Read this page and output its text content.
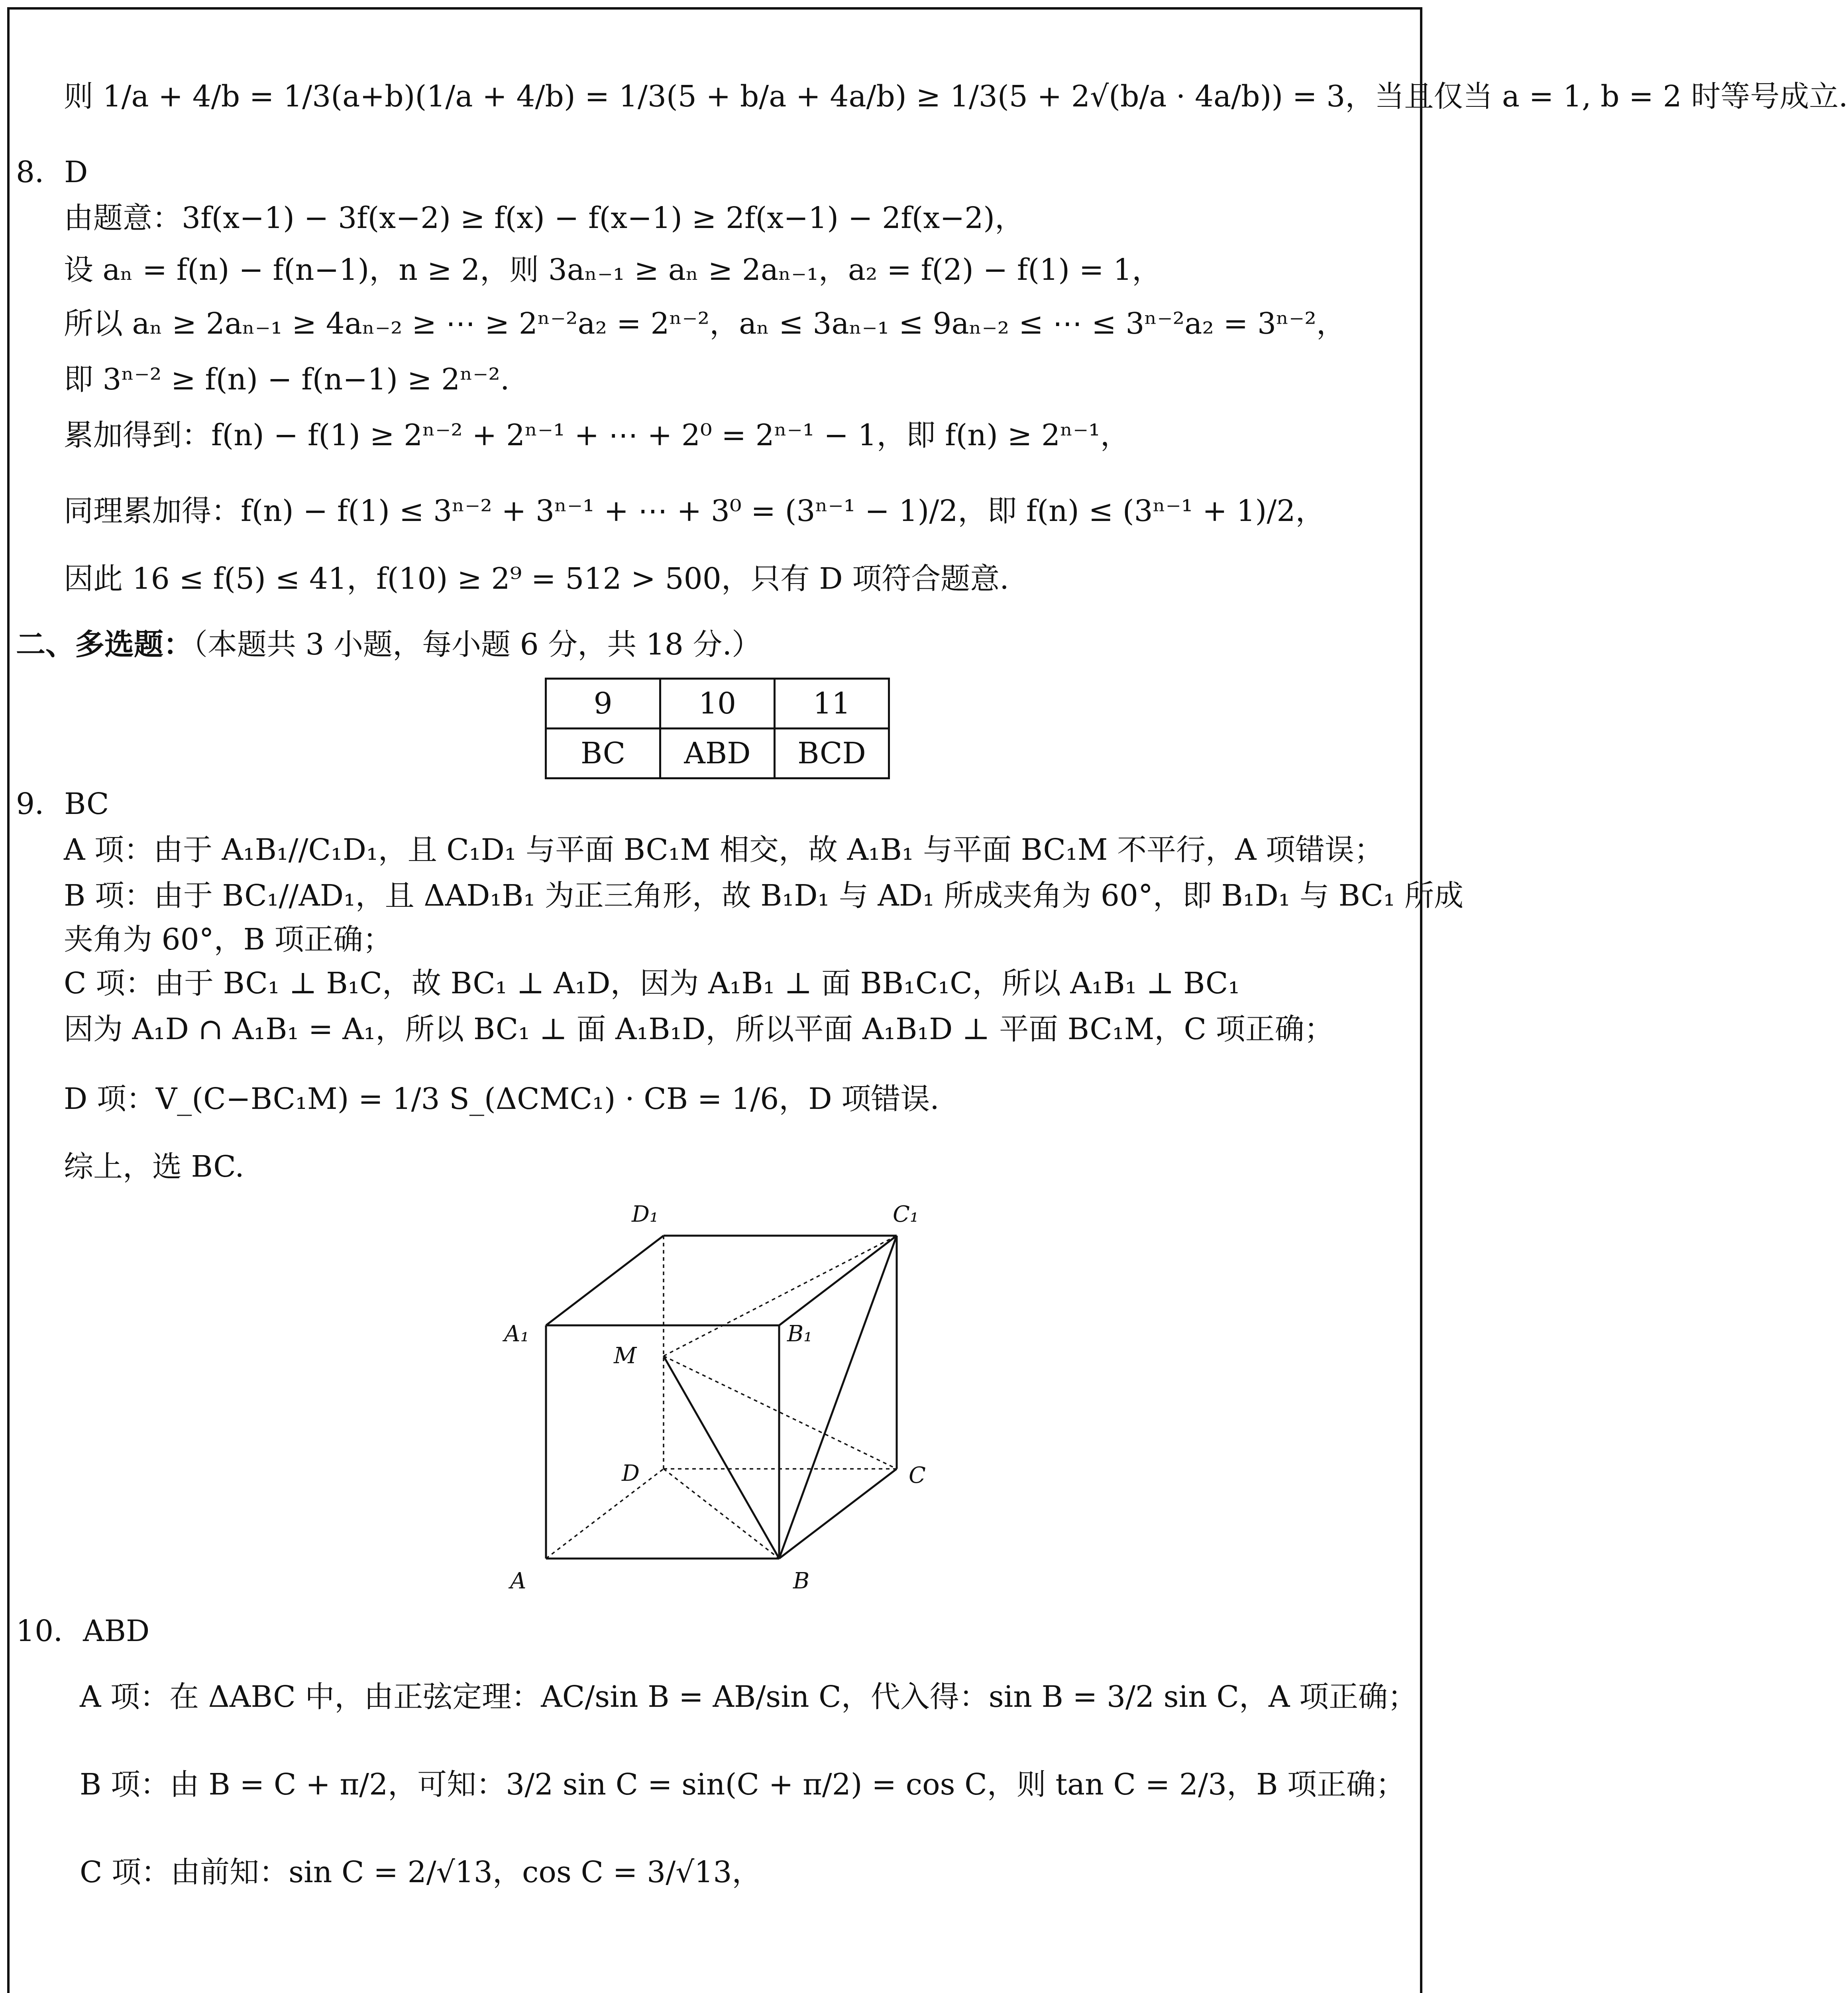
则 1/a + 4/b = 1/3(a+b)(1/a + 4/b) = 1/3(5 + b/a + 4a/b) ≥ 1/3(5 + 2√(b/a · 4a/b)) = 3，当且仅当 a = 1, b = 2 时等号成立.
8．D
由题意：3f(x−1) − 3f(x−2) ≥ f(x) − f(x−1) ≥ 2f(x−1) − 2f(x−2)，
设 aₙ = f(n) − f(n−1)，n ≥ 2，则 3aₙ₋₁ ≥ aₙ ≥ 2aₙ₋₁，a₂ = f(2) − f(1) = 1，
所以 aₙ ≥ 2aₙ₋₁ ≥ 4aₙ₋₂ ≥ ⋯ ≥ 2ⁿ⁻²a₂ = 2ⁿ⁻²，aₙ ≤ 3aₙ₋₁ ≤ 9aₙ₋₂ ≤ ⋯ ≤ 3ⁿ⁻²a₂ = 3ⁿ⁻²，
即 3ⁿ⁻² ≥ f(n) − f(n−1) ≥ 2ⁿ⁻².
累加得到：f(n) − f(1) ≥ 2ⁿ⁻² + 2ⁿ⁻¹ + ⋯ + 2⁰ = 2ⁿ⁻¹ − 1，即 f(n) ≥ 2ⁿ⁻¹，
同理累加得：f(n) − f(1) ≤ 3ⁿ⁻² + 3ⁿ⁻¹ + ⋯ + 3⁰ = (3ⁿ⁻¹ − 1)/2，即 f(n) ≤ (3ⁿ⁻¹ + 1)/2，
因此 16 ≤ f(5) ≤ 41，f(10) ≥ 2⁹ = 512 > 500，只有 D 项符合题意.
二、多选题：（本题共 3 小题，每小题 6 分，共 18 分.）
9	10	11
BC	ABD	BCD
9．BC
A 项：由于 A₁B₁//C₁D₁，且 C₁D₁ 与平面 BC₁M 相交，故 A₁B₁ 与平面 BC₁M 不平行，A 项错误；
B 项：由于 BC₁//AD₁，且 ΔAD₁B₁ 为正三角形，故 B₁D₁ 与 AD₁ 所成夹角为 60°，即 B₁D₁ 与 BC₁ 所成
夹角为 60°，B 项正确；
C 项：由于 BC₁ ⊥ B₁C，故 BC₁ ⊥ A₁D，因为 A₁B₁ ⊥ 面 BB₁C₁C，所以 A₁B₁ ⊥ BC₁
因为 A₁D ∩ A₁B₁ = A₁，所以 BC₁ ⊥ 面 A₁B₁D，所以平面 A₁B₁D ⊥ 平面 BC₁M，C 项正确；
D 项：V_(C−BC₁M) = 1/3 S_(ΔCMC₁) · CB = 1/6，D 项错误.
综上，选 BC.
D₁	C₁
A₁	B₁
M
D	C
A	B
10．ABD
A 项：在 ΔABC 中，由正弦定理：AC/sin B = AB/sin C，代入得：sin B = 3/2 sin C，A 项正确；
B 项：由 B = C + π/2，可知：3/2 sin C = sin(C + π/2) = cos C，则 tan C = 2/3，B 项正确；
C 项：由前知：sin C = 2/√13，cos C = 3/√13，
